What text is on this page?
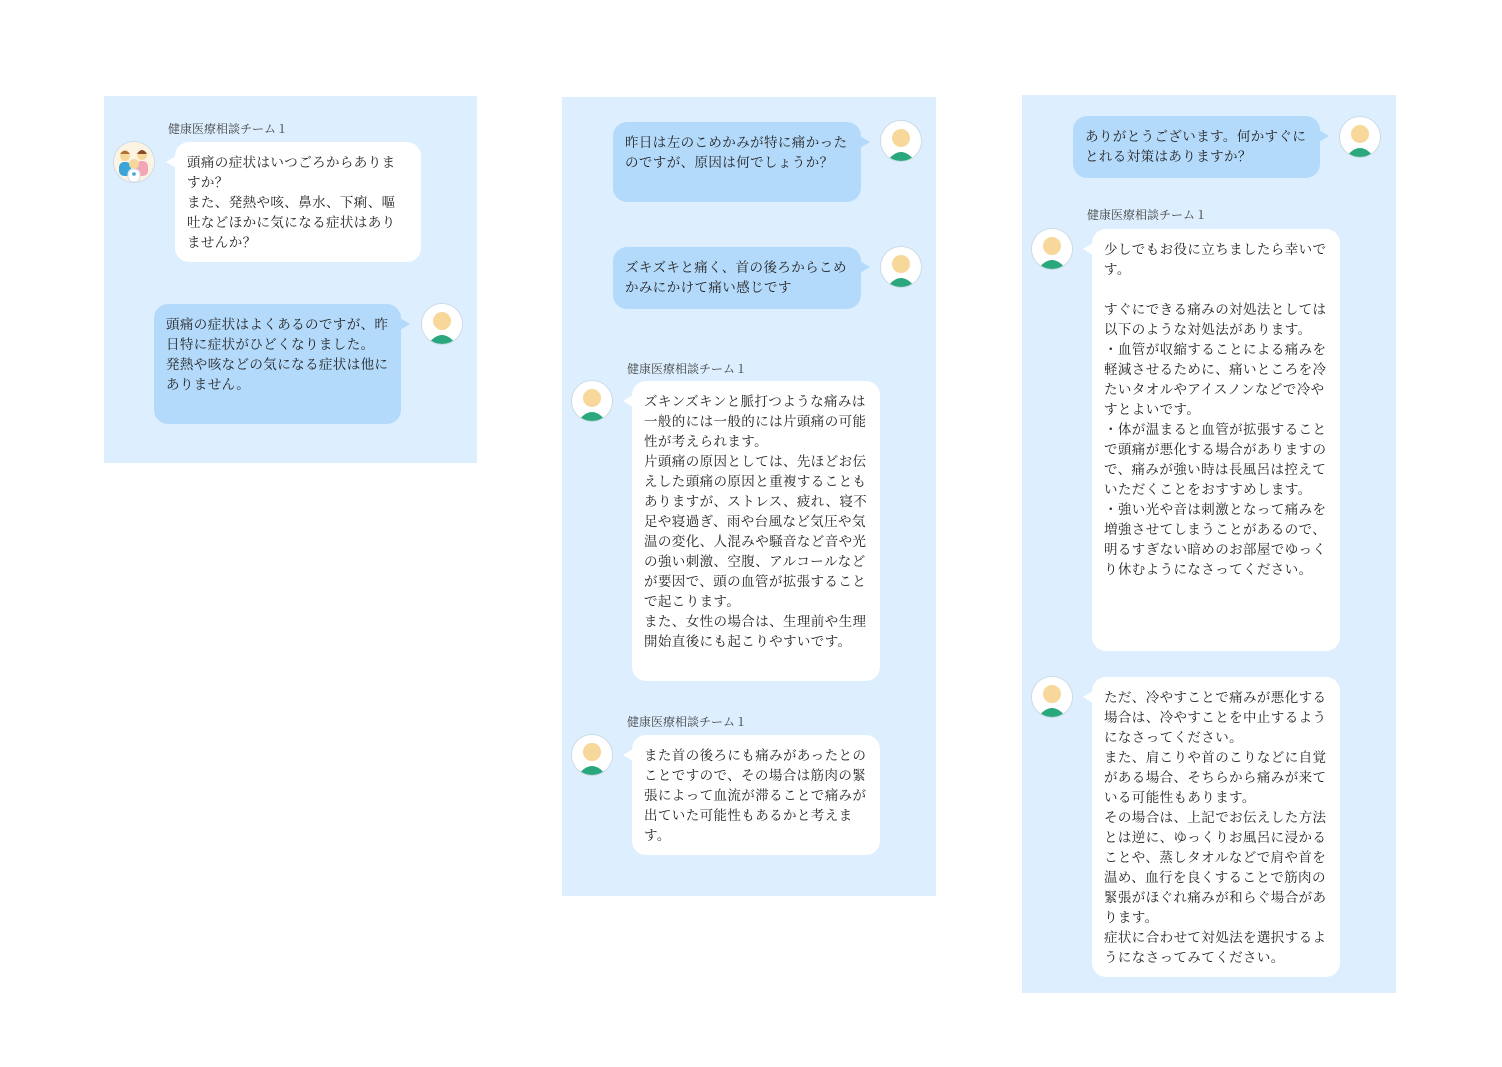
健康医療相談チーム１
頭痛の症状はいつごろからありますか？
また、発熱や咳、鼻水、下痢、嘔吐などほかに気になる症状はありませんか？
頭痛の症状はよくあるのですが、昨日特に症状がひどくなりました。
発熱や咳などの気になる症状は他にありません。
昨日は左のこめかみが特に痛かったのですが、原因は何でしょうか？
ズキズキと痛く、首の後ろからこめかみにかけて痛い感じです
健康医療相談チーム１
ズキンズキンと脈打つような痛みは一般的には一般的には片頭痛の可能性が考えられます。
片頭痛の原因としては、先ほどお伝えした頭痛の原因と重複することもありますが、ストレス、疲れ、寝不足や寝過ぎ、雨や台風など気圧や気温の変化、人混みや騒音など音や光の強い刺激、空腹、アルコールなどが要因で、頭の血管が拡張することで起こります。
また、女性の場合は、生理前や生理開始直後にも起こりやすいです。
健康医療相談チーム１
また首の後ろにも痛みがあったとのことですので、その場合は筋肉の緊張によって血流が滞ることで痛みが出ていた可能性もあるかと考えます。
ありがとうございます。何かすぐにとれる対策はありますか？
健康医療相談チーム１
少しでもお役に立ちましたら幸いです。

すぐにできる痛みの対処法としては以下のような対処法があります。
・血管が収縮することによる痛みを軽減させるために、痛いところを冷たいタオルやアイスノンなどで冷やすとよいです。
・体が温まると血管が拡張することで頭痛が悪化する場合がありますので、痛みが強い時は長風呂は控えていただくことをおすすめします。
・強い光や音は刺激となって痛みを増強させてしまうことがあるので、明るすぎない暗めのお部屋でゆっくり休むようになさってください。
ただ、冷やすことで痛みが悪化する場合は、冷やすことを中止するようになさってください。
また、肩こりや首のこりなどに自覚がある場合、そちらから痛みが来ている可能性もあります。
その場合は、上記でお伝えした方法とは逆に、ゆっくりお風呂に浸かることや、蒸しタオルなどで肩や首を温め、血行を良くすることで筋肉の緊張がほぐれ痛みが和らぐ場合があります。
症状に合わせて対処法を選択するようになさってみてください。
